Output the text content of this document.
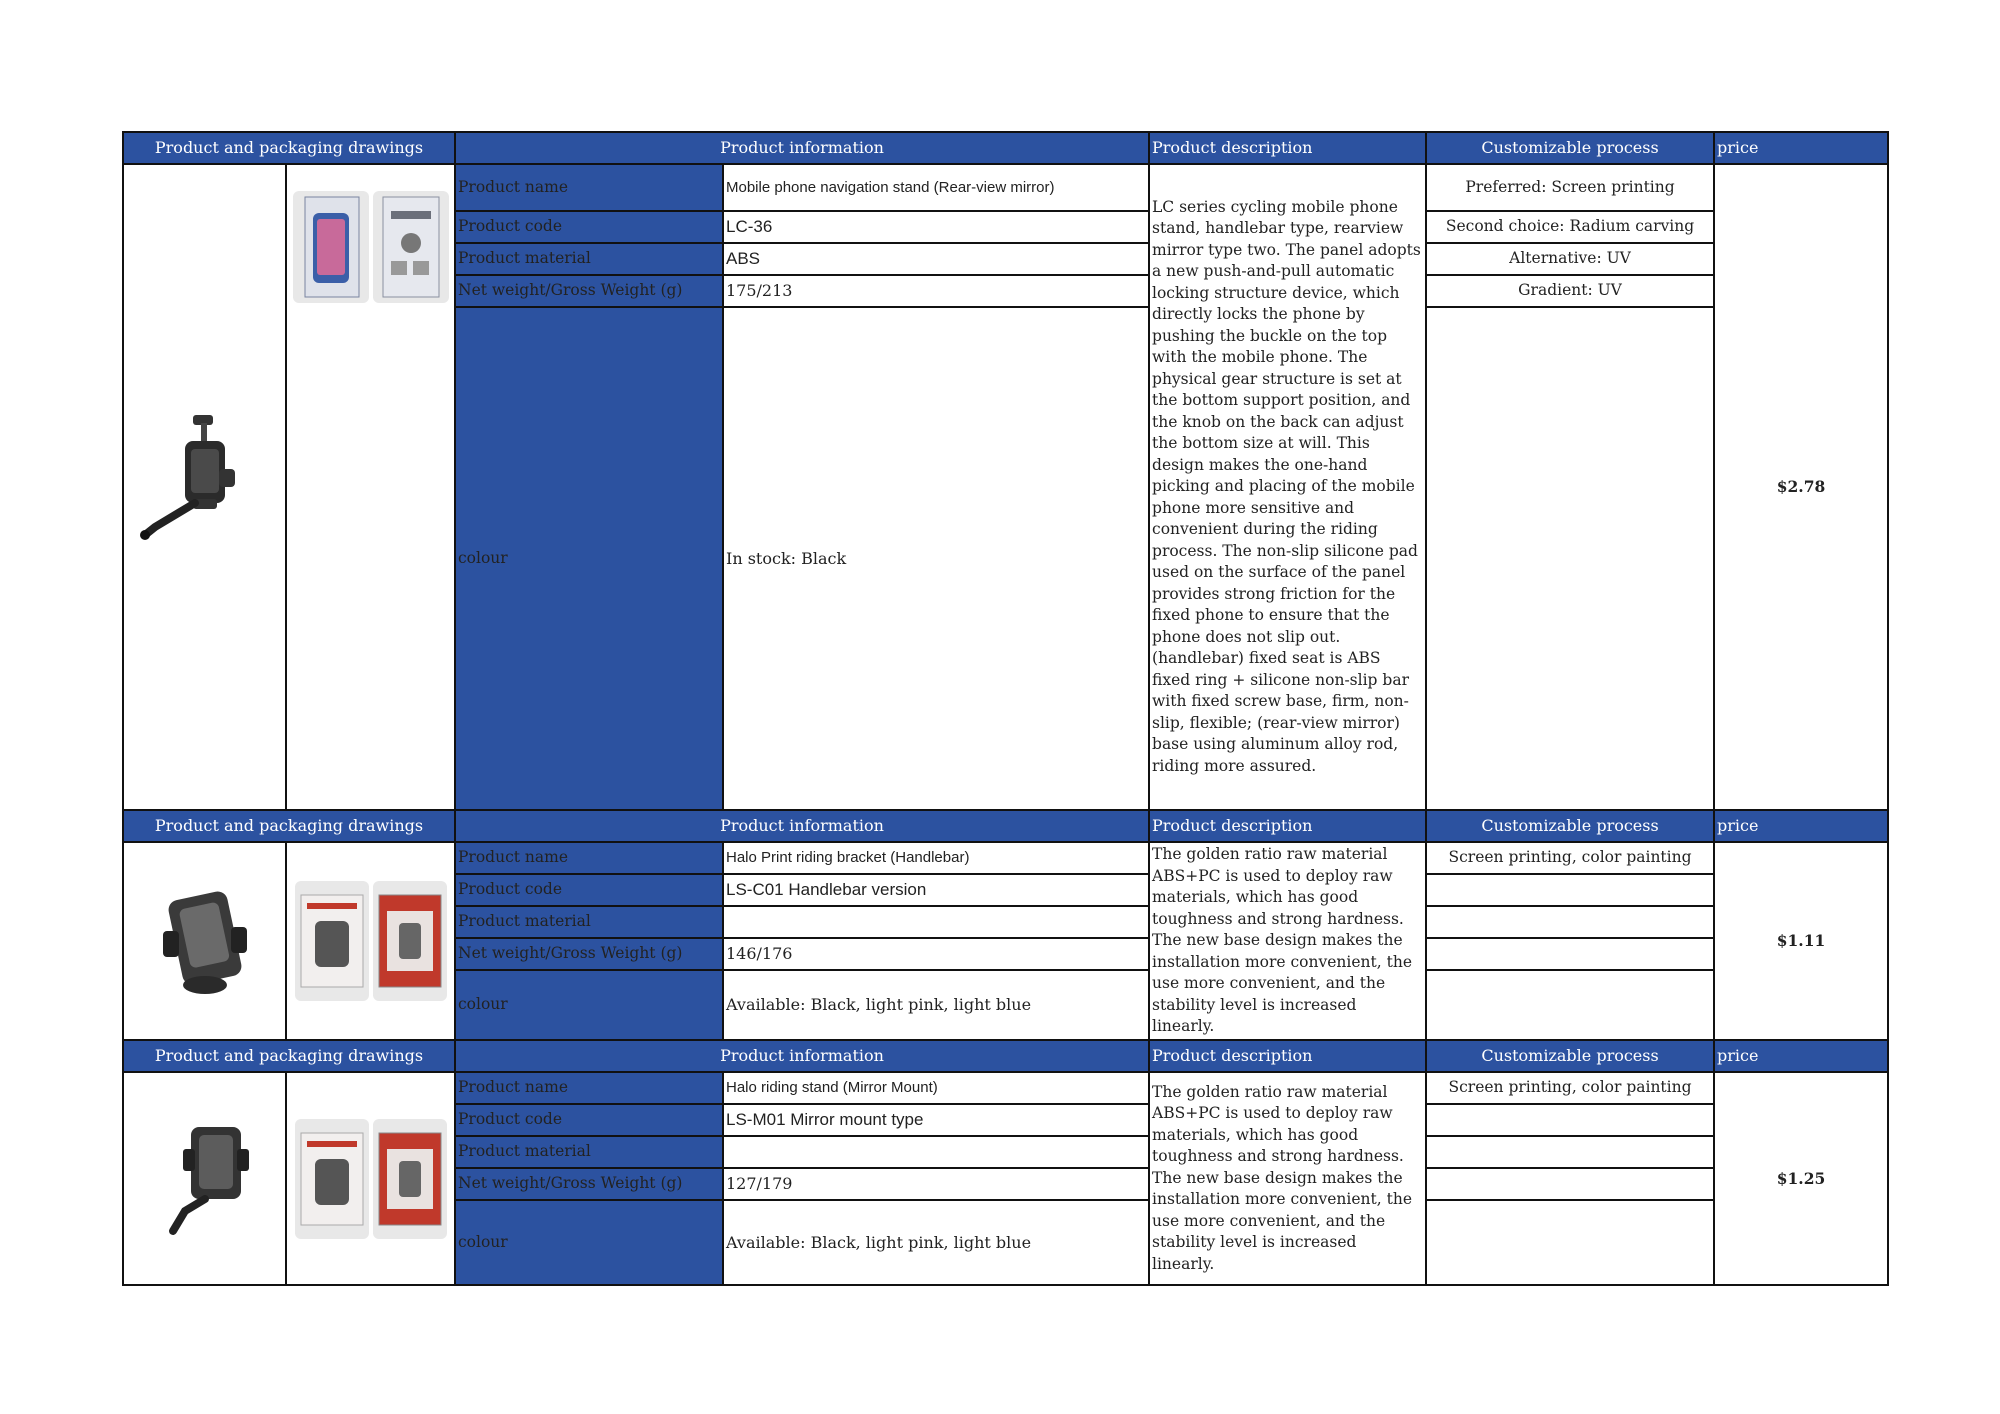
Product and packaging drawings		Product information		Product description	Customizable process	price

	Product name	Mobile phone navigation stand (Rear-view mirror)	LC series cycling mobile phone stand, handlebar type, rearview mirror type two. The panel adopts a new push-and-pull automatic locking structure device, which directly locks the phone by pushing the buckle on the top with the mobile phone. The physical gear structure is set at the bottom support position, and the knob on the back can adjust the bottom size at will. This design makes the one-hand picking and placing of the mobile phone more sensitive and convenient during the riding process. The non-slip silicone pad used on the surface of the panel provides strong friction for the fixed phone to ensure that the phone does not slip out. (handlebar) fixed seat is ABS fixed ring + silicone non-slip bar with fixed screw base, firm, non-slip, flexible; (rear-view mirror) base using aluminum alloy rod, riding more assured.	Preferred: Screen printing	$2.78
		Product code	LC-36		Second choice: Radium carving	
		Product material	ABS		Alternative: UV	
		Net weight/Gross Weight (g)	175/213		Gradient: UV	
		colour	In stock: Black			
Product and packaging drawings		Product information		Product description	Customizable process	price

	Product name	Halo Print riding bracket (Handlebar)	The golden ratio raw material ABS+PC is used to deploy raw materials, which has good toughness and strong hardness. The new base design makes the installation more convenient, the use more convenient, and the stability level is increased linearly.	Screen printing, color painting	$1.11
		Product code	LS-C01 Handlebar version			
		Product material				
		Net weight/Gross Weight (g)	146/176			
		colour	Available: Black, light pink, light blue			
Product and packaging drawings		Product information		Product description	Customizable process	price

	Product name	Halo riding stand (Mirror Mount)	The golden ratio raw material ABS+PC is used to deploy raw materials, which has good toughness and strong hardness. The new base design makes the installation more convenient, the use more convenient, and the stability level is increased linearly.	Screen printing, color painting	$1.25
		Product code	LS-M01 Mirror mount type			
		Product material				
		Net weight/Gross Weight (g)	127/179			
		colour	Available: Black, light pink, light blue			
